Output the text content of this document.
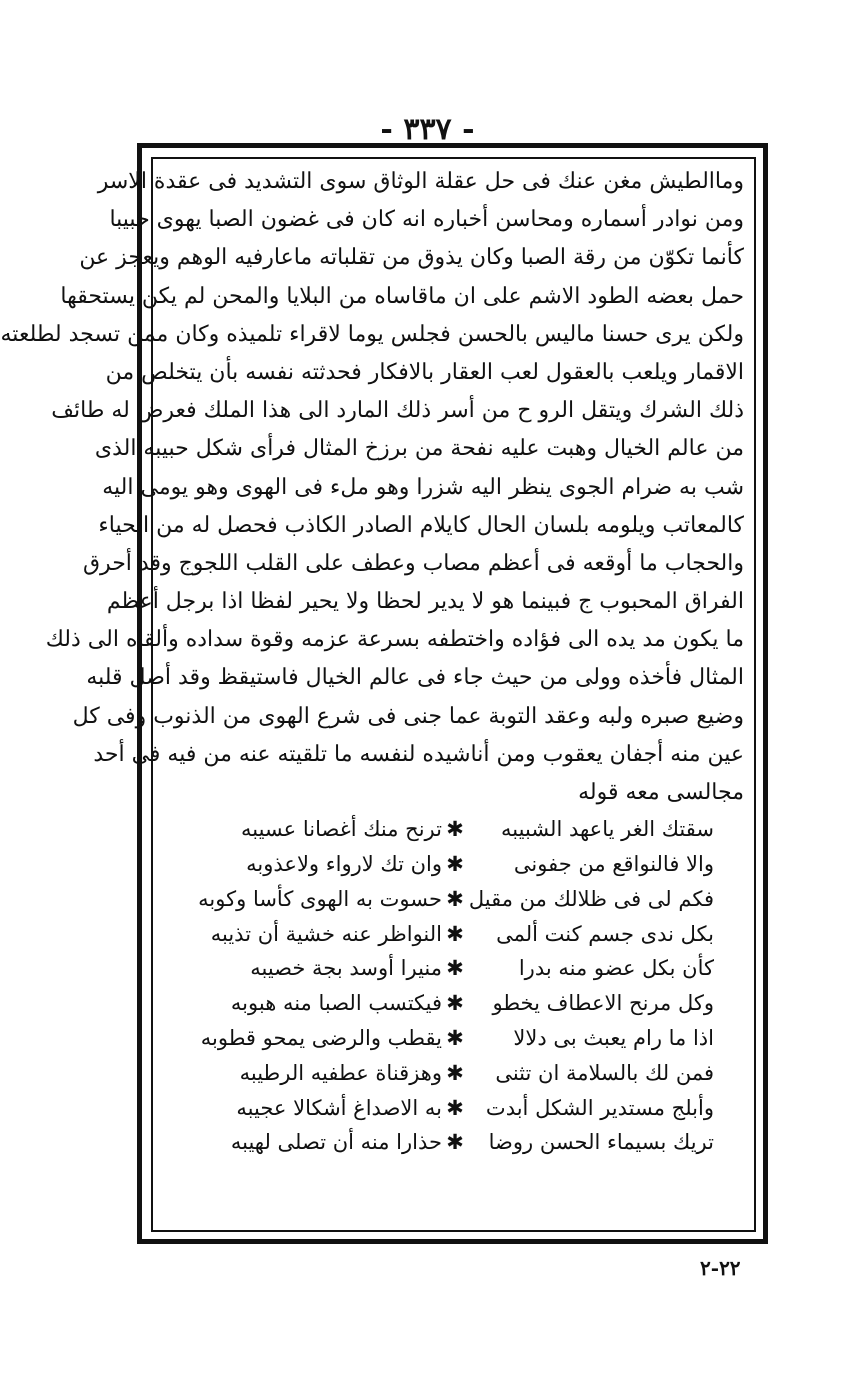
- ٣٣٧ -
وماالطيش مغن عنك فى حل عقلة الوثاق سوى التشديد فى عقدة الاسر
ومن نوادر أسماره ومحاسن أخباره انه كان فى غضون الصبا يهوى حبيبا
كأنما تكوّن من رقة الصبا وكان يذوق من تقلباته ماعارفيه الوهم ويعجز عن
حمل بعضه الطود الاشم على ان ماقاساه من البلايا والمحن لم يكن يستحقها
ولكن يرى حسنا ماليس بالحسن فجلس يوما لاقراء تلميذه وكان ممن تسجد لطلعته
الاقمار ويلعب بالعقول لعب العقار بالافكار فحدثته نفسه بأن يتخلص من
ذلك الشرك ويتقل الرو ح من أسر ذلك المارد الى هذا الملك فعرض له طائف
من عالم الخيال وهبت عليه نفحة من برزخ المثال فرأى شكل حبيبه الذى
شب به ضرام الجوى ينظر اليه شزرا وهو ملء فى الهوى وهو يومى اليه
كالمعاتب ويلومه بلسان الحال كايلام الصادر الكاذب فحصل له من الحياء
والحجاب ما أوقعه فى أعظم مصاب وعطف على القلب اللجوج وقد أحرق
الفراق المحبوب ج فبينما هو لا يدير لحظا ولا يحير لفظا اذا برجل أعظم
ما يكون مد يده الى فؤاده واختطفه بسرعة عزمه وقوة سداده وألقاه الى ذلك
المثال فأخذه وولى من حيث جاء فى عالم الخيال فاستيقظ وقد أضل قلبه
وضيع صبره ولبه وعقد التوبة عما جنى فى شرع الهوى من الذنوب وفى كل
عين منه أجفان يعقوب ومن أناشيده لنفسه ما تلقيته عنه من فيه فى أحد
مجالسى معه قوله
سقتك الغر ياعهد الشبيبه
✱
ترنح منك أغصانا عسيبه
والا فالنواقع من جفونى
✱
وان تك لارواء ولاعذوبه
فكم لى فى ظلالك من مقيل
✱
حسوت به الهوى كأسا وكوبه
بكل ندى جسم كنت ألمى
✱
النواظر عنه خشية أن تذيبه
كأن بكل عضو منه بدرا
✱
منيرا أوسد بجة خصيبه
وكل مرنح الاعطاف يخطو
✱
فيكتسب الصبا منه هبوبه
اذا ما رام يعبث بى دلالا
✱
يقطب والرضى يمحو قطوبه
فمن لك بالسلامة ان تثنى
✱
وهزقناة عطفيه الرطيبه
وأبلج مستدير الشكل أبدت
✱
به الاصداغ أشكالا عجيبه
تريك بسيماء الحسن روضا
✱
حذارا منه أن تصلى لهيبه
٢٢-٢
